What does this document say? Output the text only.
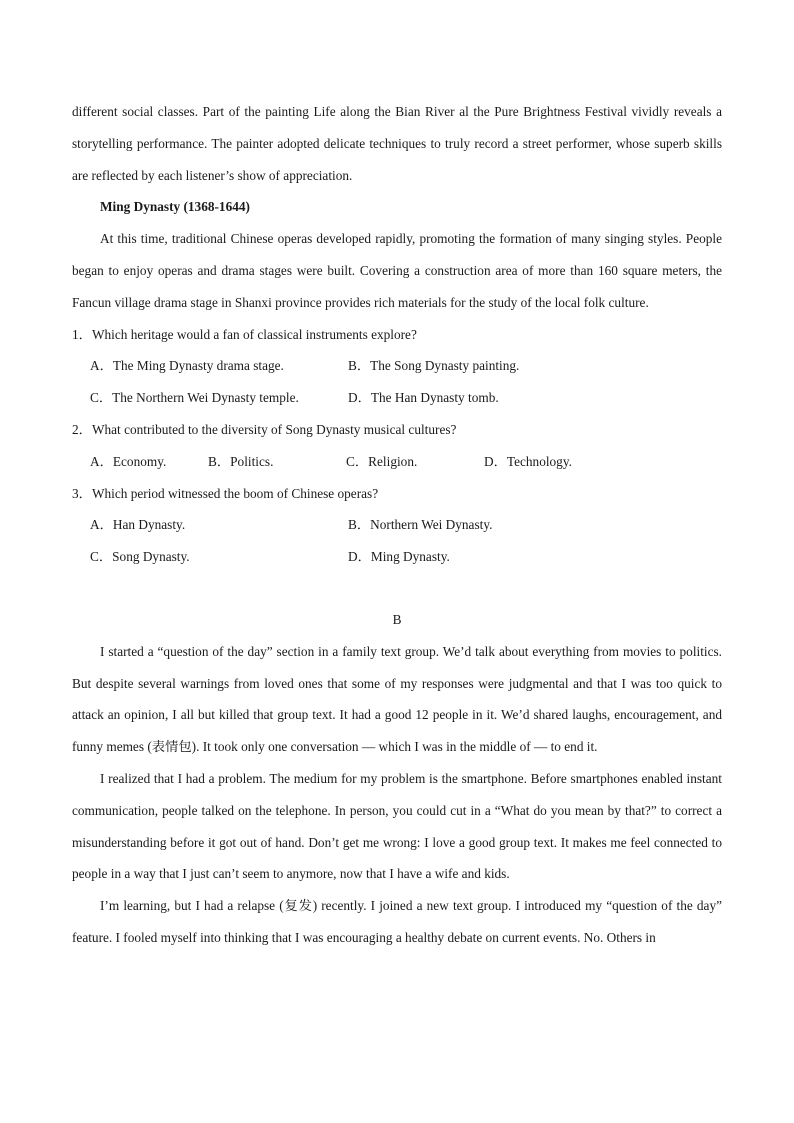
different social classes. Part of the painting Life along the Bian River al the Pure Brightness Festival vividly reveals a storytelling performance. The painter adopted delicate techniques to truly record a street performer, whose superb skills are reflected by each listener’s show of appreciation.

Ming Dynasty (1368-1644)

At this time, traditional Chinese operas developed rapidly, promoting the formation of many singing styles. People began to enjoy operas and drama stages were built. Covering a construction area of more than 160 square meters, the Fancun village drama stage in Shanxi province provides rich materials for the study of the local folk culture.

1．Which heritage would a fan of classical instruments explore?

A．The Ming Dynasty drama stage.	B．The Song Dynasty painting.
C．The Northern Wei Dynasty temple.	D．The Han Dynasty tomb.

2．What contributed to the diversity of Song Dynasty musical cultures?

A．Economy.	B．Politics.	C．Religion.	D．Technology.

3．Which period witnessed the boom of Chinese operas?

A．Han Dynasty.	B．Northern Wei Dynasty.
C．Song Dynasty.	D．Ming Dynasty.

B

I started a “question of the day” section in a family text group. We’d talk about everything from movies to politics. But despite several warnings from loved ones that some of my responses were judgmental and that I was too quick to attack an opinion, I all but killed that group text. It had a good 12 people in it. We’d shared laughs, encouragement, and funny memes (表情包). It took only one conversation — which I was in the middle of — to end it.

I realized that I had a problem. The medium for my problem is the smartphone. Before smartphones enabled instant communication, people talked on the telephone. In person, you could cut in a “What do you mean by that?” to correct a misunderstanding before it got out of hand. Don’t get me wrong: I love a good group text. It makes me feel connected to people in a way that I just can’t seem to anymore, now that I have a wife and kids.

I’m learning, but I had a relapse (复发) recently. I joined a new text group. I introduced my “question of the day” feature. I fooled myself into thinking that I was encouraging a healthy debate on current events. No. Others in
